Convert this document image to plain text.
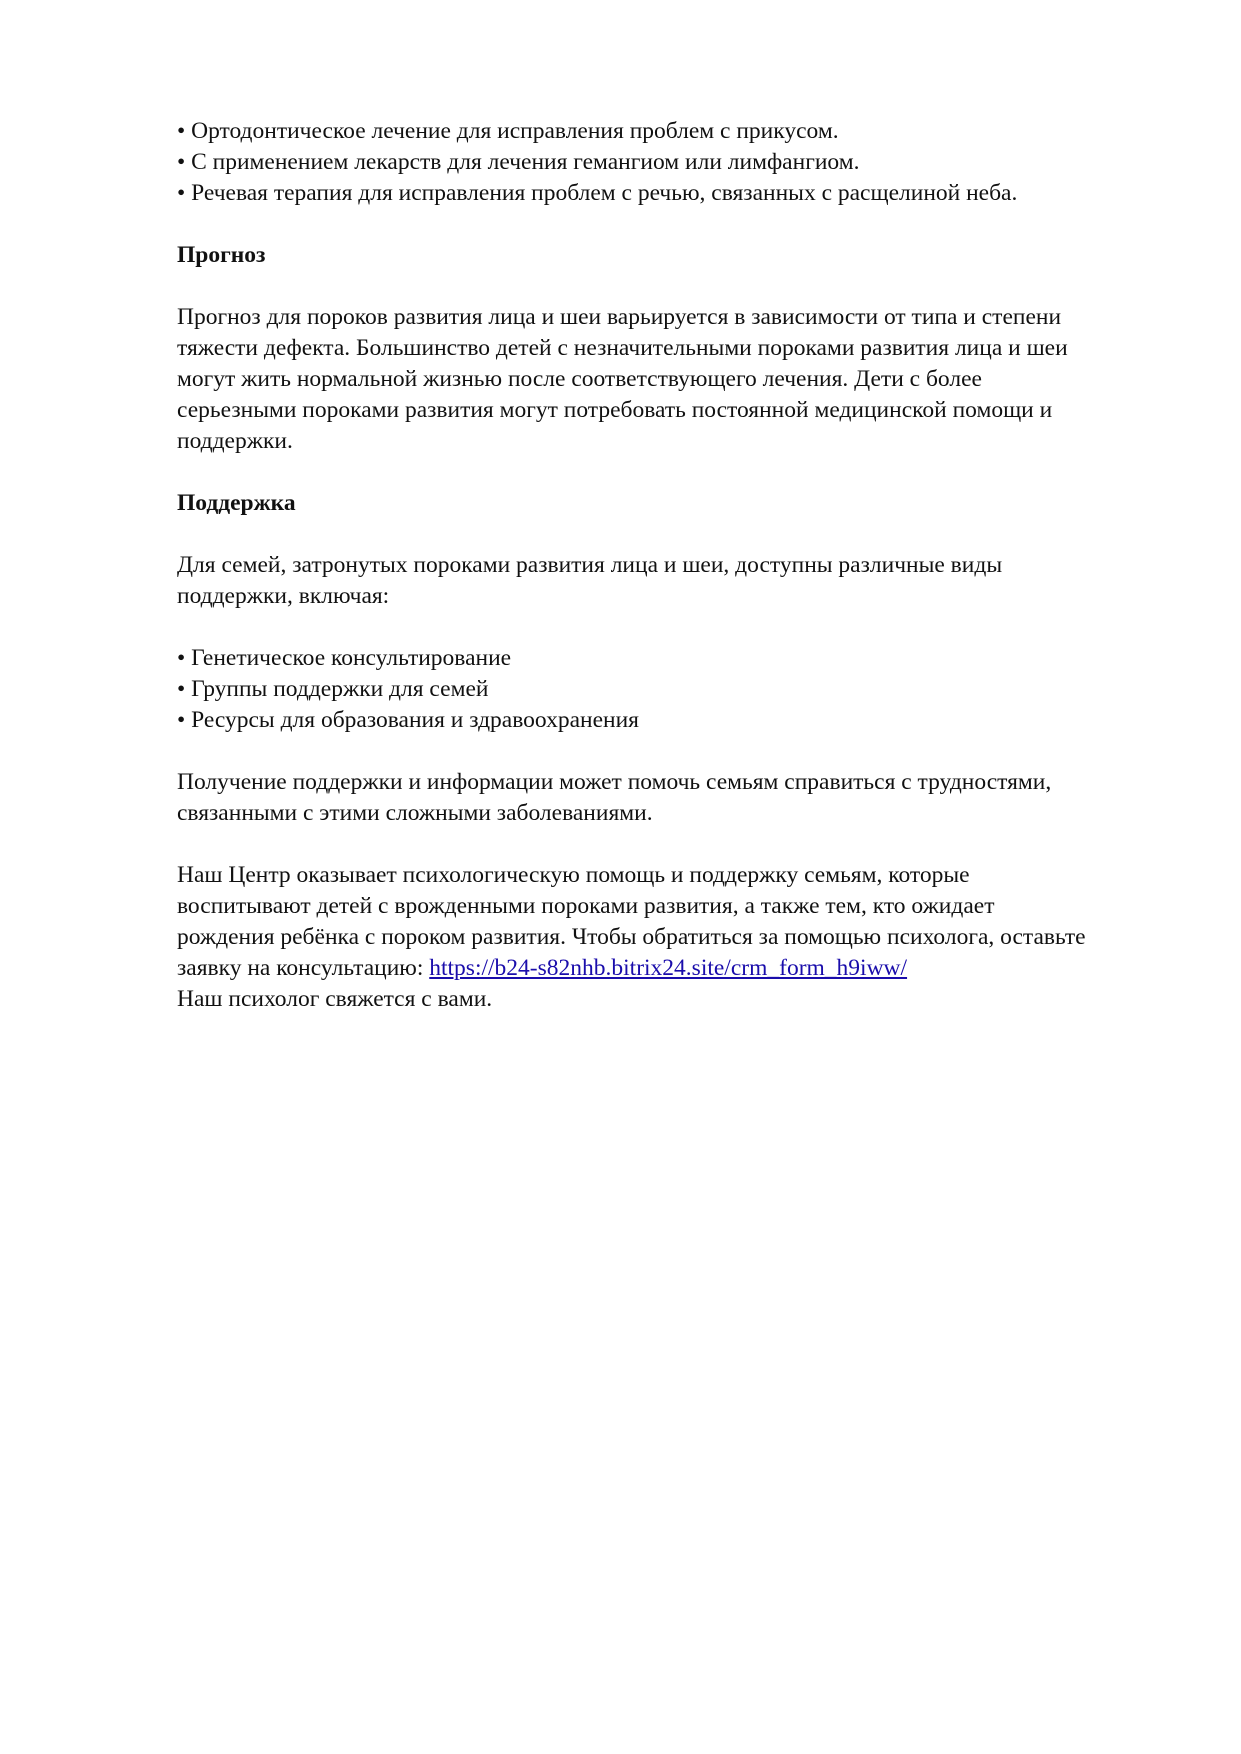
• Ортодонтическое лечение для исправления проблем с прикусом.
• С применением лекарств для лечения гемангиом или лимфангиом.
• Речевая терапия для исправления проблем с речью, связанных с расщелиной неба.
Прогноз
Прогноз для пороков развития лица и шеи варьируется в зависимости от типа и степени
тяжести дефекта. Большинство детей с незначительными пороками развития лица и шеи
могут жить нормальной жизнью после соответствующего лечения. Дети с более
серьезными пороками развития могут потребовать постоянной медицинской помощи и
поддержки.
Поддержка
Для семей, затронутых пороками развития лица и шеи, доступны различные виды
поддержки, включая:
• Генетическое консультирование
• Группы поддержки для семей
• Ресурсы для образования и здравоохранения
Получение поддержки и информации может помочь семьям справиться с трудностями,
связанными с этими сложными заболеваниями.
Наш Центр оказывает психологическую помощь и поддержку семьям, которые
воспитывают детей с врожденными пороками развития, а также тем, кто ожидает
рождения ребёнка с пороком развития. Чтобы обратиться за помощью психолога, оставьте
заявку на консультацию: https://b24-s82nhb.bitrix24.site/crm_form_h9iww/
Наш психолог свяжется с вами.
